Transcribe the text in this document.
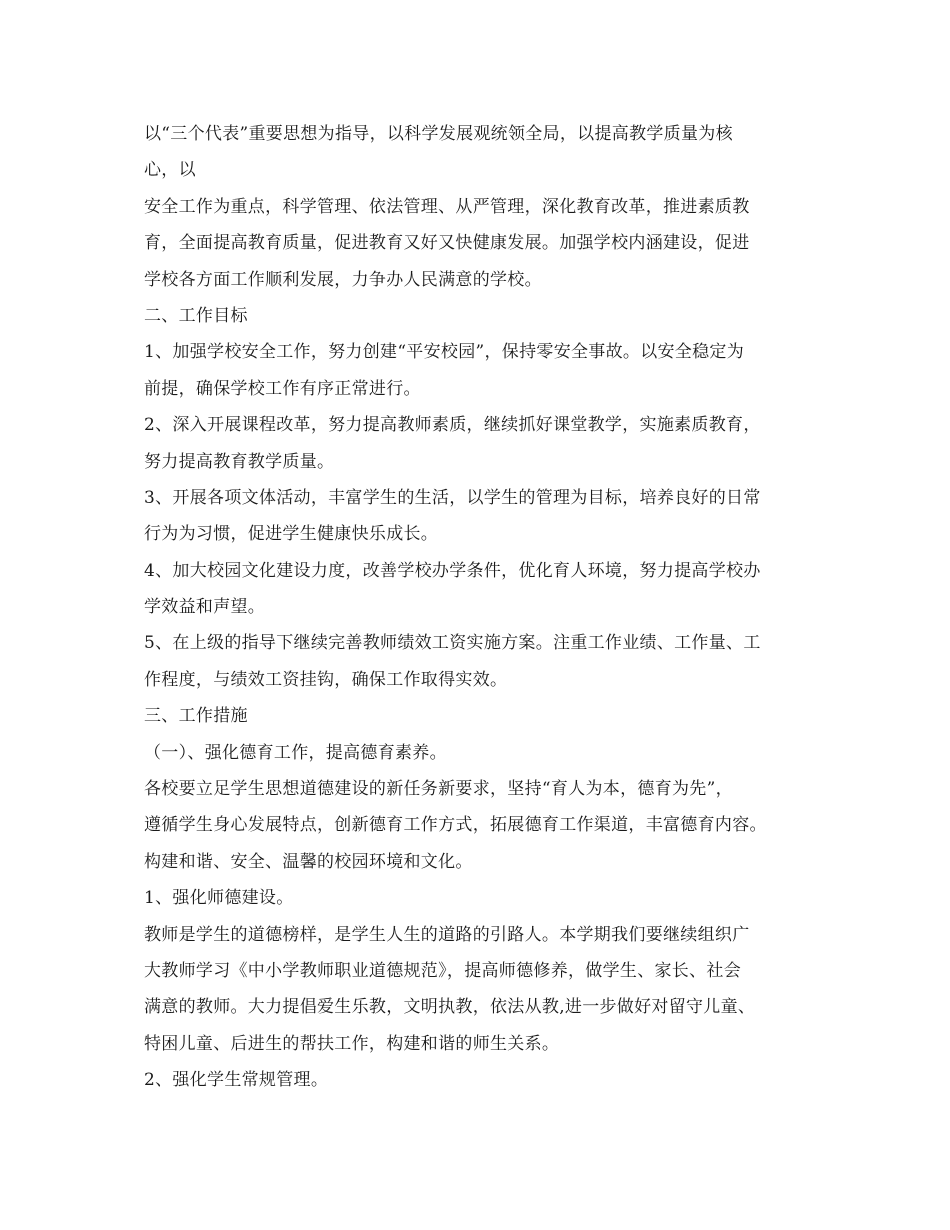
以“三个代表”重要思想为指导，以科学发展观统领全局，以提高教学质量为核
心，以
安全工作为重点，科学管理、依法管理、从严管理，深化教育改革，推进素质教
育，全面提高教育质量，促进教育又好又快健康发展。加强学校内涵建设，促进
学校各方面工作顺利发展，力争办人民满意的学校。
二、工作目标
1、加强学校安全工作，努力创建“平安校园”，保持零安全事故。以安全稳定为
前提，确保学校工作有序正常进行。
2、深入开展课程改革，努力提高教师素质，继续抓好课堂教学，实施素质教育，
努力提高教育教学质量。
3、开展各项文体活动，丰富学生的生活，以学生的管理为目标，培养良好的日常
行为为习惯，促进学生健康快乐成长。
4、加大校园文化建设力度，改善学校办学条件，优化育人环境，努力提高学校办
学效益和声望。
5、在上级的指导下继续完善教师绩效工资实施方案。注重工作业绩、工作量、工
作程度，与绩效工资挂钩，确保工作取得实效。
三、工作措施
（一）、强化德育工作，提高德育素养。
各校要立足学生思想道德建设的新任务新要求，坚持“育人为本，德育为先”，
遵循学生身心发展特点，创新德育工作方式，拓展德育工作渠道，丰富德育内容。
构建和谐、安全、温馨的校园环境和文化。
1、强化师德建设。
教师是学生的道德榜样，是学生人生的道路的引路人。本学期我们要继续组织广
大教师学习《中小学教师职业道德规范》，提高师德修养，做学生、家长、社会
满意的教师。大力提倡爱生乐教，文明执教，依法从教,进一步做好对留守儿童、
特困儿童、后进生的帮扶工作，构建和谐的师生关系。
2、强化学生常规管理。
